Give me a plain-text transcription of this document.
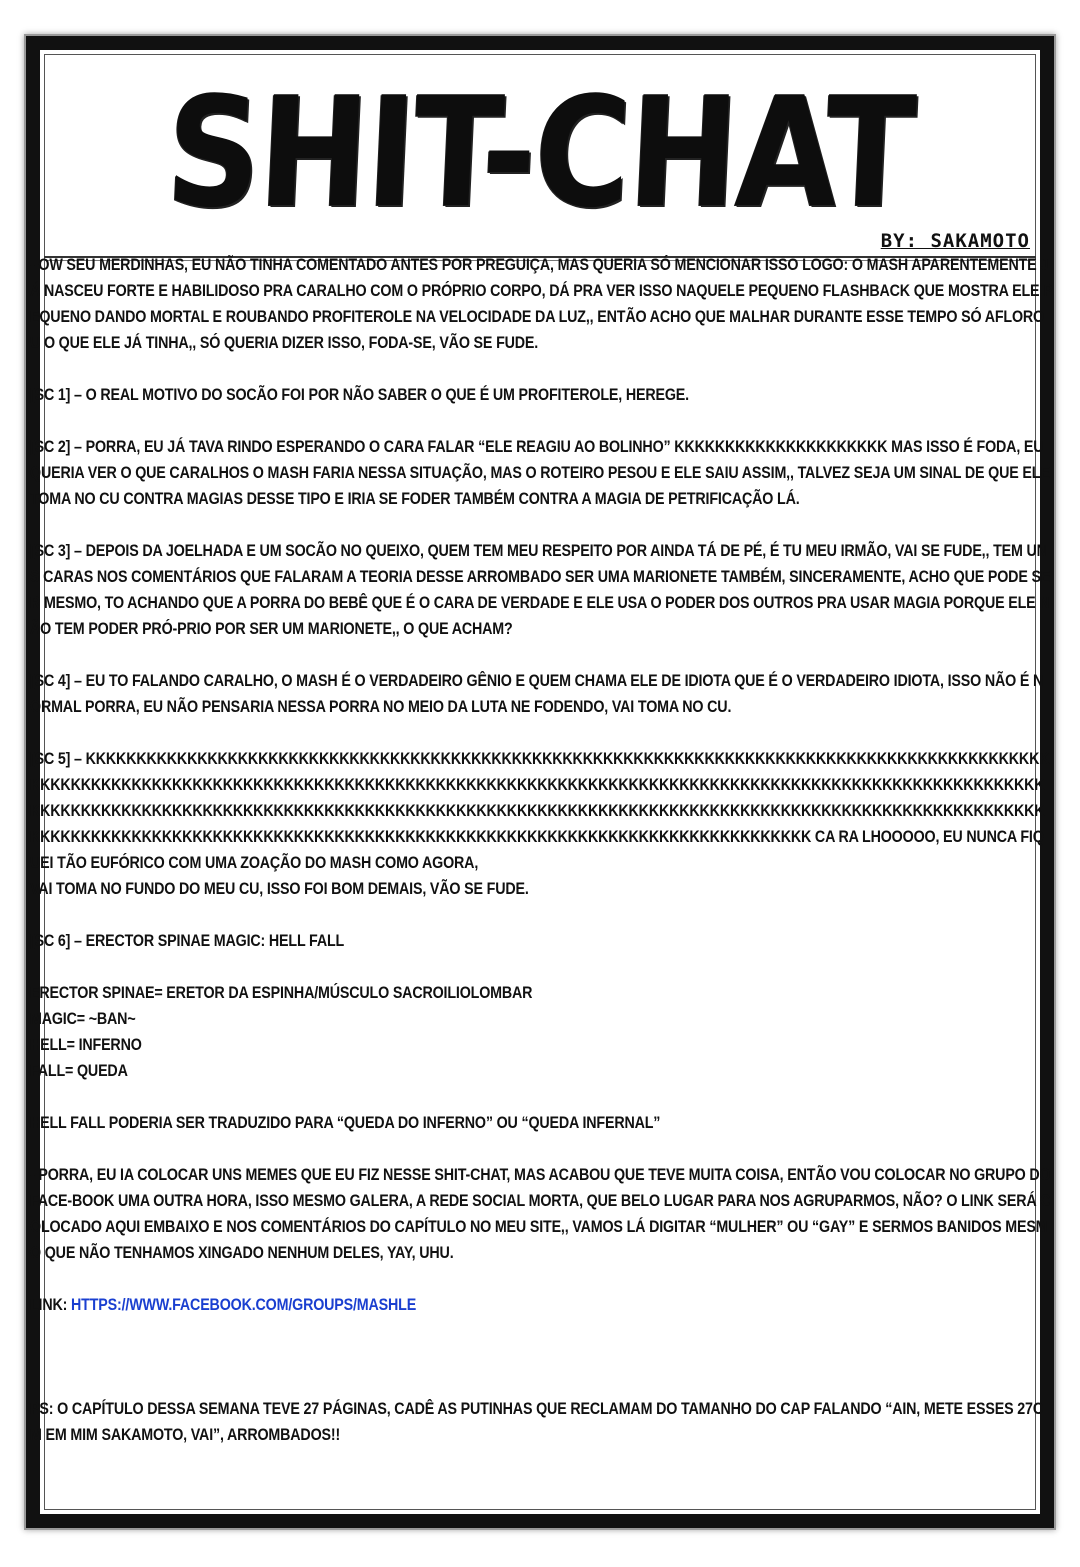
SHIT-CHAT
BY: SAKAMOTO

- OW SEU MERDINHAS, EU NÃO TINHA COMENTADO ANTES POR PREGUIÇA, MAS QUERIA SÓ MENCIONAR ISSO LOGO: O MASH APARENTEMENTE JÁ NASCEU FORTE E HABILIDOSO PRA CARALHO COM O PRÓPRIO CORPO, DÁ PRA VER ISSO NAQUELE PEQUENO FLASHBACK QUE MOSTRA ELE PEQUENO DANDO MORTAL E ROUBANDO PROFITEROLE NA VELOCIDADE DA LUZ,, ENTÃO ACHO QUE MALHAR DURANTE ESSE TEMPO SÓ AFLOROU O QUE ELE JÁ TINHA,, SÓ QUERIA DIZER ISSO, FODA-SE, VÃO SE FUDE.

[SC 1] – O REAL MOTIVO DO SOCÃO FOI POR NÃO SABER O QUE É UM PROFITEROLE, HEREGE.

[SC 2] – PORRA, EU JÁ TAVA RINDO ESPERANDO O CARA FALAR “ELE REAGIU AO BOLINHO” KKKKKKKKKKKKKKKKKKKKK MAS ISSO É FODA, EU QUERIA VER O QUE CARALHOS O MASH FARIA NESSA SITUAÇÃO, MAS O ROTEIRO PESOU E ELE SAIU ASSIM,, TALVEZ SEJA UM SINAL DE QUE ELE TOMA NO CU CONTRA MAGIAS DESSE TIPO E IRIA SE FODER TAMBÉM CONTRA A MAGIA DE PETRIFICAÇÃO LÁ.

[SC 3] – DEPOIS DA JOELHADA E UM SOCÃO NO QUEIXO, QUEM TEM MEU RESPEITO POR AINDA TÁ DE PÉ, É TU MEU IRMÃO, VAI SE FUDE,, TEM UNS CARAS NOS COMENTÁRIOS QUE FALARAM A TEORIA DESSE ARROMBADO SER UMA MARIONETE TAMBÉM, SINCERAMENTE, ACHO QUE PODE SER MESMO, TO ACHANDO QUE A PORRA DO BEBÊ QUE É O CARA DE VERDADE E ELE USA O PODER DOS OUTROS PRA USAR MAGIA PORQUE ELE NÃO TEM PODER PRÓ-PRIO POR SER UM MARIONETE,, O QUE ACHAM?

[SC 4] – EU TO FALANDO CARALHO, O MASH É O VERDADEIRO GÊNIO E QUEM CHAMA ELE DE IDIOTA QUE É O VERDADEIRO IDIOTA, ISSO NÃO É NORMAL PORRA, EU NÃO PENSARIA NESSA PORRA NO MEIO DA LUTA NE FODENDO, VAI TOMA NO CU.

[SC 5] – KKKKKKKKKKKKKKKKKKKKKKKKKKKKKKKKKKKKKKKKKKKKKKKKKKKKKKKKKKKKKKKKKKKKKKKKKKKKKKKKKKKKKKKKKKKKKKKKKKKKKKKKKKKKKKKKKKKKKKKKKKKKKKKKKKKKKKKKKKKKKKKKKKKKKKKKKKKKKKKKKKKKKKKKKKKKKKKKKKKKKKKKKKKKKKKKKKKKKKKKKKKKKKKKKKKKKKKKKKKKKKKKKKKKKKKKKKKKKKKKKKKKKKKKKKKKKKKKKKKKKKKKKKKKKKKKKKKKKKKKKKKKKKKKKKKKKKKKKKKKKKKKKKKKKKKKKKKKKKKKKKKKKKKKKKKKKKKKKKKKKKKKKKKKKKKKKKKKKKKKKKKKKKKKKKKK CA RA LHOOOOO, EU NUNCA FIQUEI TÃO EUFÓRICO COM UMA ZOAÇÃO DO MASH COMO AGORA,
VAI TOMA NO FUNDO DO MEU CU, ISSO FOI BOM DEMAIS, VÃO SE FUDE.

[SC 6] – ERECTOR SPINAE MAGIC: HELL FALL

ERECTOR SPINAE= ERETOR DA ESPINHA/MÚSCULO SACROILIOLOMBAR
MAGIC= ~BAN~
HELL= INFERNO
FALL= QUEDA

HELL FALL PODERIA SER TRADUZIDO PARA “QUEDA DO INFERNO” OU “QUEDA INFERNAL”

- PORRA, EU IA COLOCAR UNS MEMES QUE EU FIZ NESSE SHIT-CHAT, MAS ACABOU QUE TEVE MUITA COISA, ENTÃO VOU COLOCAR NO GRUPO DO FACE-BOOK UMA OUTRA HORA, ISSO MESMO GALERA, A REDE SOCIAL MORTA, QUE BELO LUGAR PARA NOS AGRUPARMOS, NÃO? O LINK SERÁ COLOCADO AQUI EMBAIXO E NOS COMENTÁRIOS DO CAPÍTULO NO MEU SITE,, VAMOS LÁ DIGITAR “MULHER” OU “GAY” E SERMOS BANIDOS MESMO QUE NÃO TENHAMOS XINGADO NENHUM DELES, YAY, UHU.

LINK: HTTPS://WWW.FACEBOOK.COM/GROUPS/MASHLE

PS: O CAPÍTULO DESSA SEMANA TEVE 27 PÁGINAS, CADÊ AS PUTINHAS QUE RECLAMAM DO TAMANHO DO CAP FALANDO “AIN, METE ESSES 27CM EM MIM SAKAMOTO, VAI”, ARROMBADOS!!
